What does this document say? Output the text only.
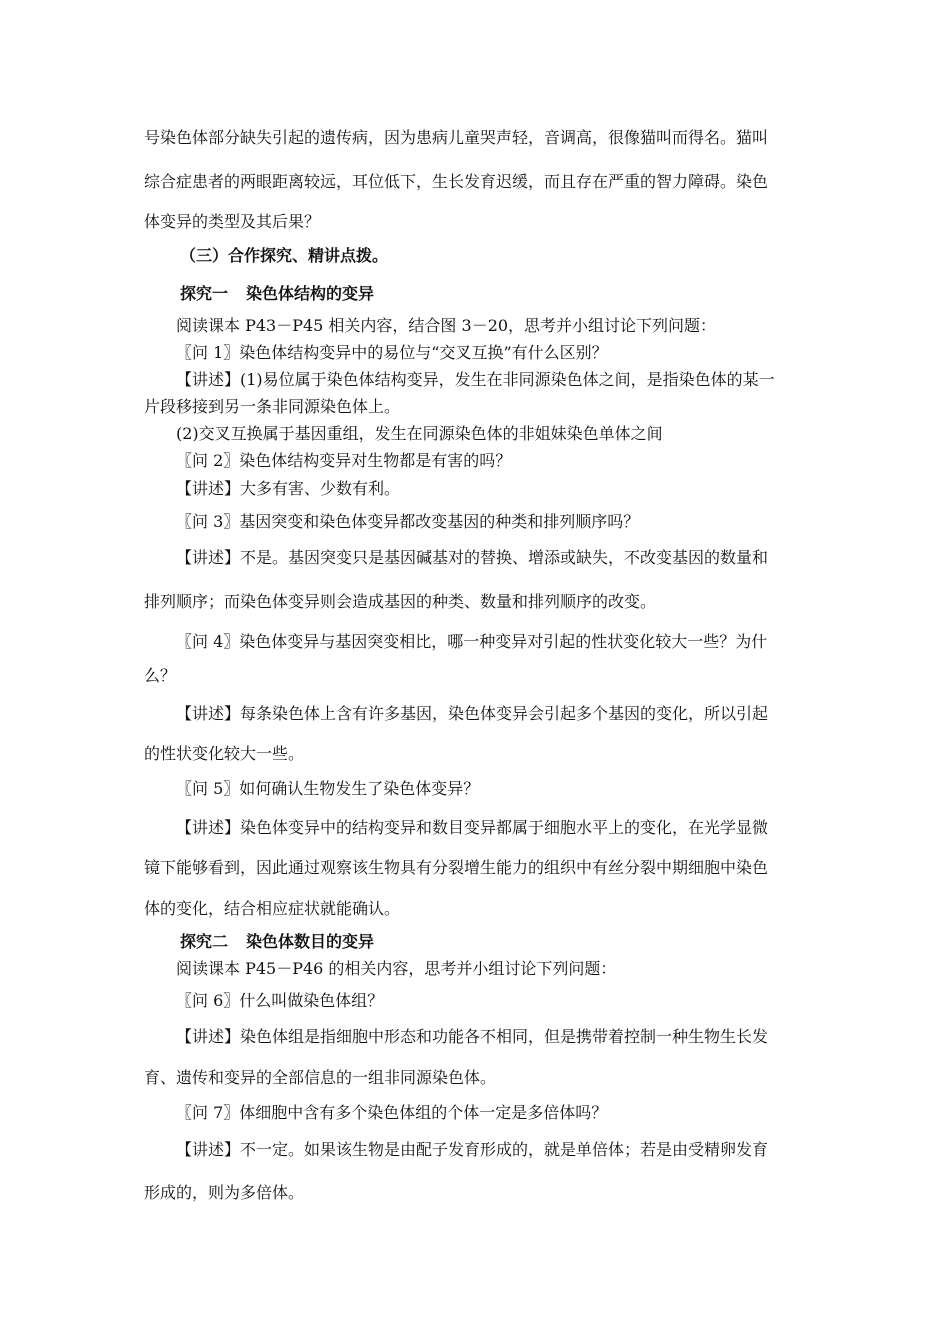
号染色体部分缺失引起的遗传病，因为患病儿童哭声轻，音调高，很像猫叫而得名。猫叫
综合症患者的两眼距离较远，耳位低下，生长发育迟缓，而且存在严重的智力障碍。染色
体变异的类型及其后果？
（三）合作探究、精讲点拨。
探究一 染色体结构的变异
阅读课本 P43－P45 相关内容，结合图 3－20，思考并小组讨论下列问题：
〖问 1〗染色体结构变异中的易位与“交叉互换”有什么区别？
【讲述】(1)易位属于染色体结构变异，发生在非同源染色体之间，是指染色体的某一
片段移接到另一条非同源染色体上。
(2)交叉互换属于基因重组，发生在同源染色体的非姐妹染色单体之间
〖问 2〗染色体结构变异对生物都是有害的吗？
【讲述】大多有害、少数有利。
〖问 3〗基因突变和染色体变异都改变基因的种类和排列顺序吗？
【讲述】不是。基因突变只是基因碱基对的替换、增添或缺失，不改变基因的数量和
排列顺序；而染色体变异则会造成基因的种类、数量和排列顺序的改变。
〖问 4〗染色体变异与基因突变相比，哪一种变异对引起的性状变化较大一些？为什
么？
【讲述】每条染色体上含有许多基因，染色体变异会引起多个基因的变化，所以引起
的性状变化较大一些。
〖问 5〗如何确认生物发生了染色体变异？
【讲述】染色体变异中的结构变异和数目变异都属于细胞水平上的变化，在光学显微
镜下能够看到，因此通过观察该生物具有分裂增生能力的组织中有丝分裂中期细胞中染色
体的变化，结合相应症状就能确认。
探究二 染色体数目的变异
阅读课本 P45－P46 的相关内容，思考并小组讨论下列问题：
〖问 6〗什么叫做染色体组？
【讲述】染色体组是指细胞中形态和功能各不相同，但是携带着控制一种生物生长发
育、遗传和变异的全部信息的一组非同源染色体。
〖问 7〗体细胞中含有多个染色体组的个体一定是多倍体吗？
【讲述】不一定。如果该生物是由配子发育形成的，就是单倍体；若是由受精卵发育
形成的，则为多倍体。
